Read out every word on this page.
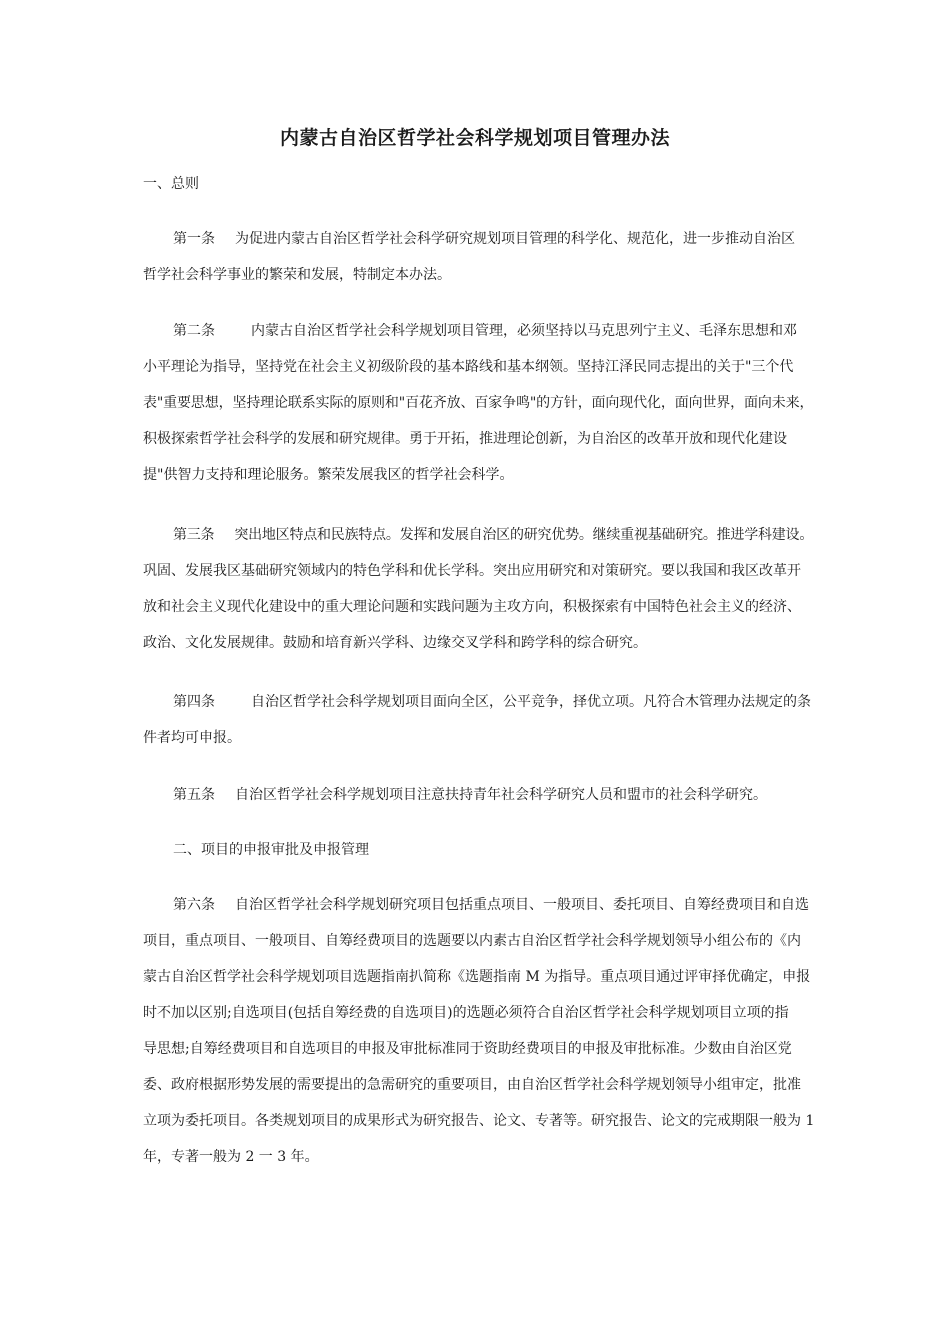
内蒙古自治区哲学社会科学规划项目管理办法
一、总则
第一条 为促进内蒙古自治区哲学社会科学研究规划项目管理的科学化、规范化，进一步推动自治区
哲学社会科学事业的繁荣和发展，特制定本办法。
第二条	内蒙古自治区哲学社会科学规划项目管理，必须坚持以马克思列宁主义、毛泽东思想和邓
小平理论为指导，坚持党在社会主义初级阶段的基本路线和基本纲领。坚持江泽民同志提出的关于"三个代
表"重要思想，坚持理论联系实际的原则和"百花齐放、百家争鸣"的方针，面向现代化，面向世界，面向未来，
积极探索哲学社会科学的发展和研究规律。勇于开拓，推进理论创新，为自治区的改革开放和现代化建设
提"供智力支持和理论服务。繁荣发展我区的哲学社会科学。
第三条 突出地区特点和民族特点。发挥和发展自治区的研究优势。继续重视基础研究。推进学科建设。
巩固、发展我区基础研究领域内的特色学科和优长学科。突出应用研究和对策研究。要以我国和我区改革开
放和社会主义现代化建设中的重大理论问题和实践问题为主攻方向，积极探索有中国特色社会主义的经济、
政治、文化发展规律。鼓励和培育新兴学科、边缘交叉学科和跨学科的综合研究。
第四条	自治区哲学社会科学规划项目面向全区，公平竞争，择优立项。凡符合木管理办法规定的条
件者均可申报。
第五条 自治区哲学社会科学规划项目注意扶持青年社会科学研究人员和盟市的社会科学研究。
二、项目的申报审批及申报管理
第六条 自治区哲学社会科学规划研究项目包括重点项目、一般项目、委托项目、自筹经费项目和自选
项目，重点项目、一般项目、自筹经费项目的选题要以内素古自治区哲学社会科学规划领导小组公布的《内
蒙古自治区哲学社会科学规划项目选题指南扒简称《选题指南 M 为指导。重点项目通过评审择优确定，申报
时不加以区别;自选项目(包括自筹经费的自选项目)的选题必须符合自治区哲学社会科学规划项目立项的指
导思想;自筹经费项目和自选项目的申报及审批标准同于资助经费项目的申报及审批标准。少数由自治区党
委、政府根据形势发展的需要提出的急需研究的重要项目，由自治区哲学社会科学规划领导小组审定，批准
立项为委托项目。各类规划项目的成果形式为研究报告、论文、专著等。研究报告、论文的完戒期限一般为 1
年，专著一般为 2 一 3 年。
